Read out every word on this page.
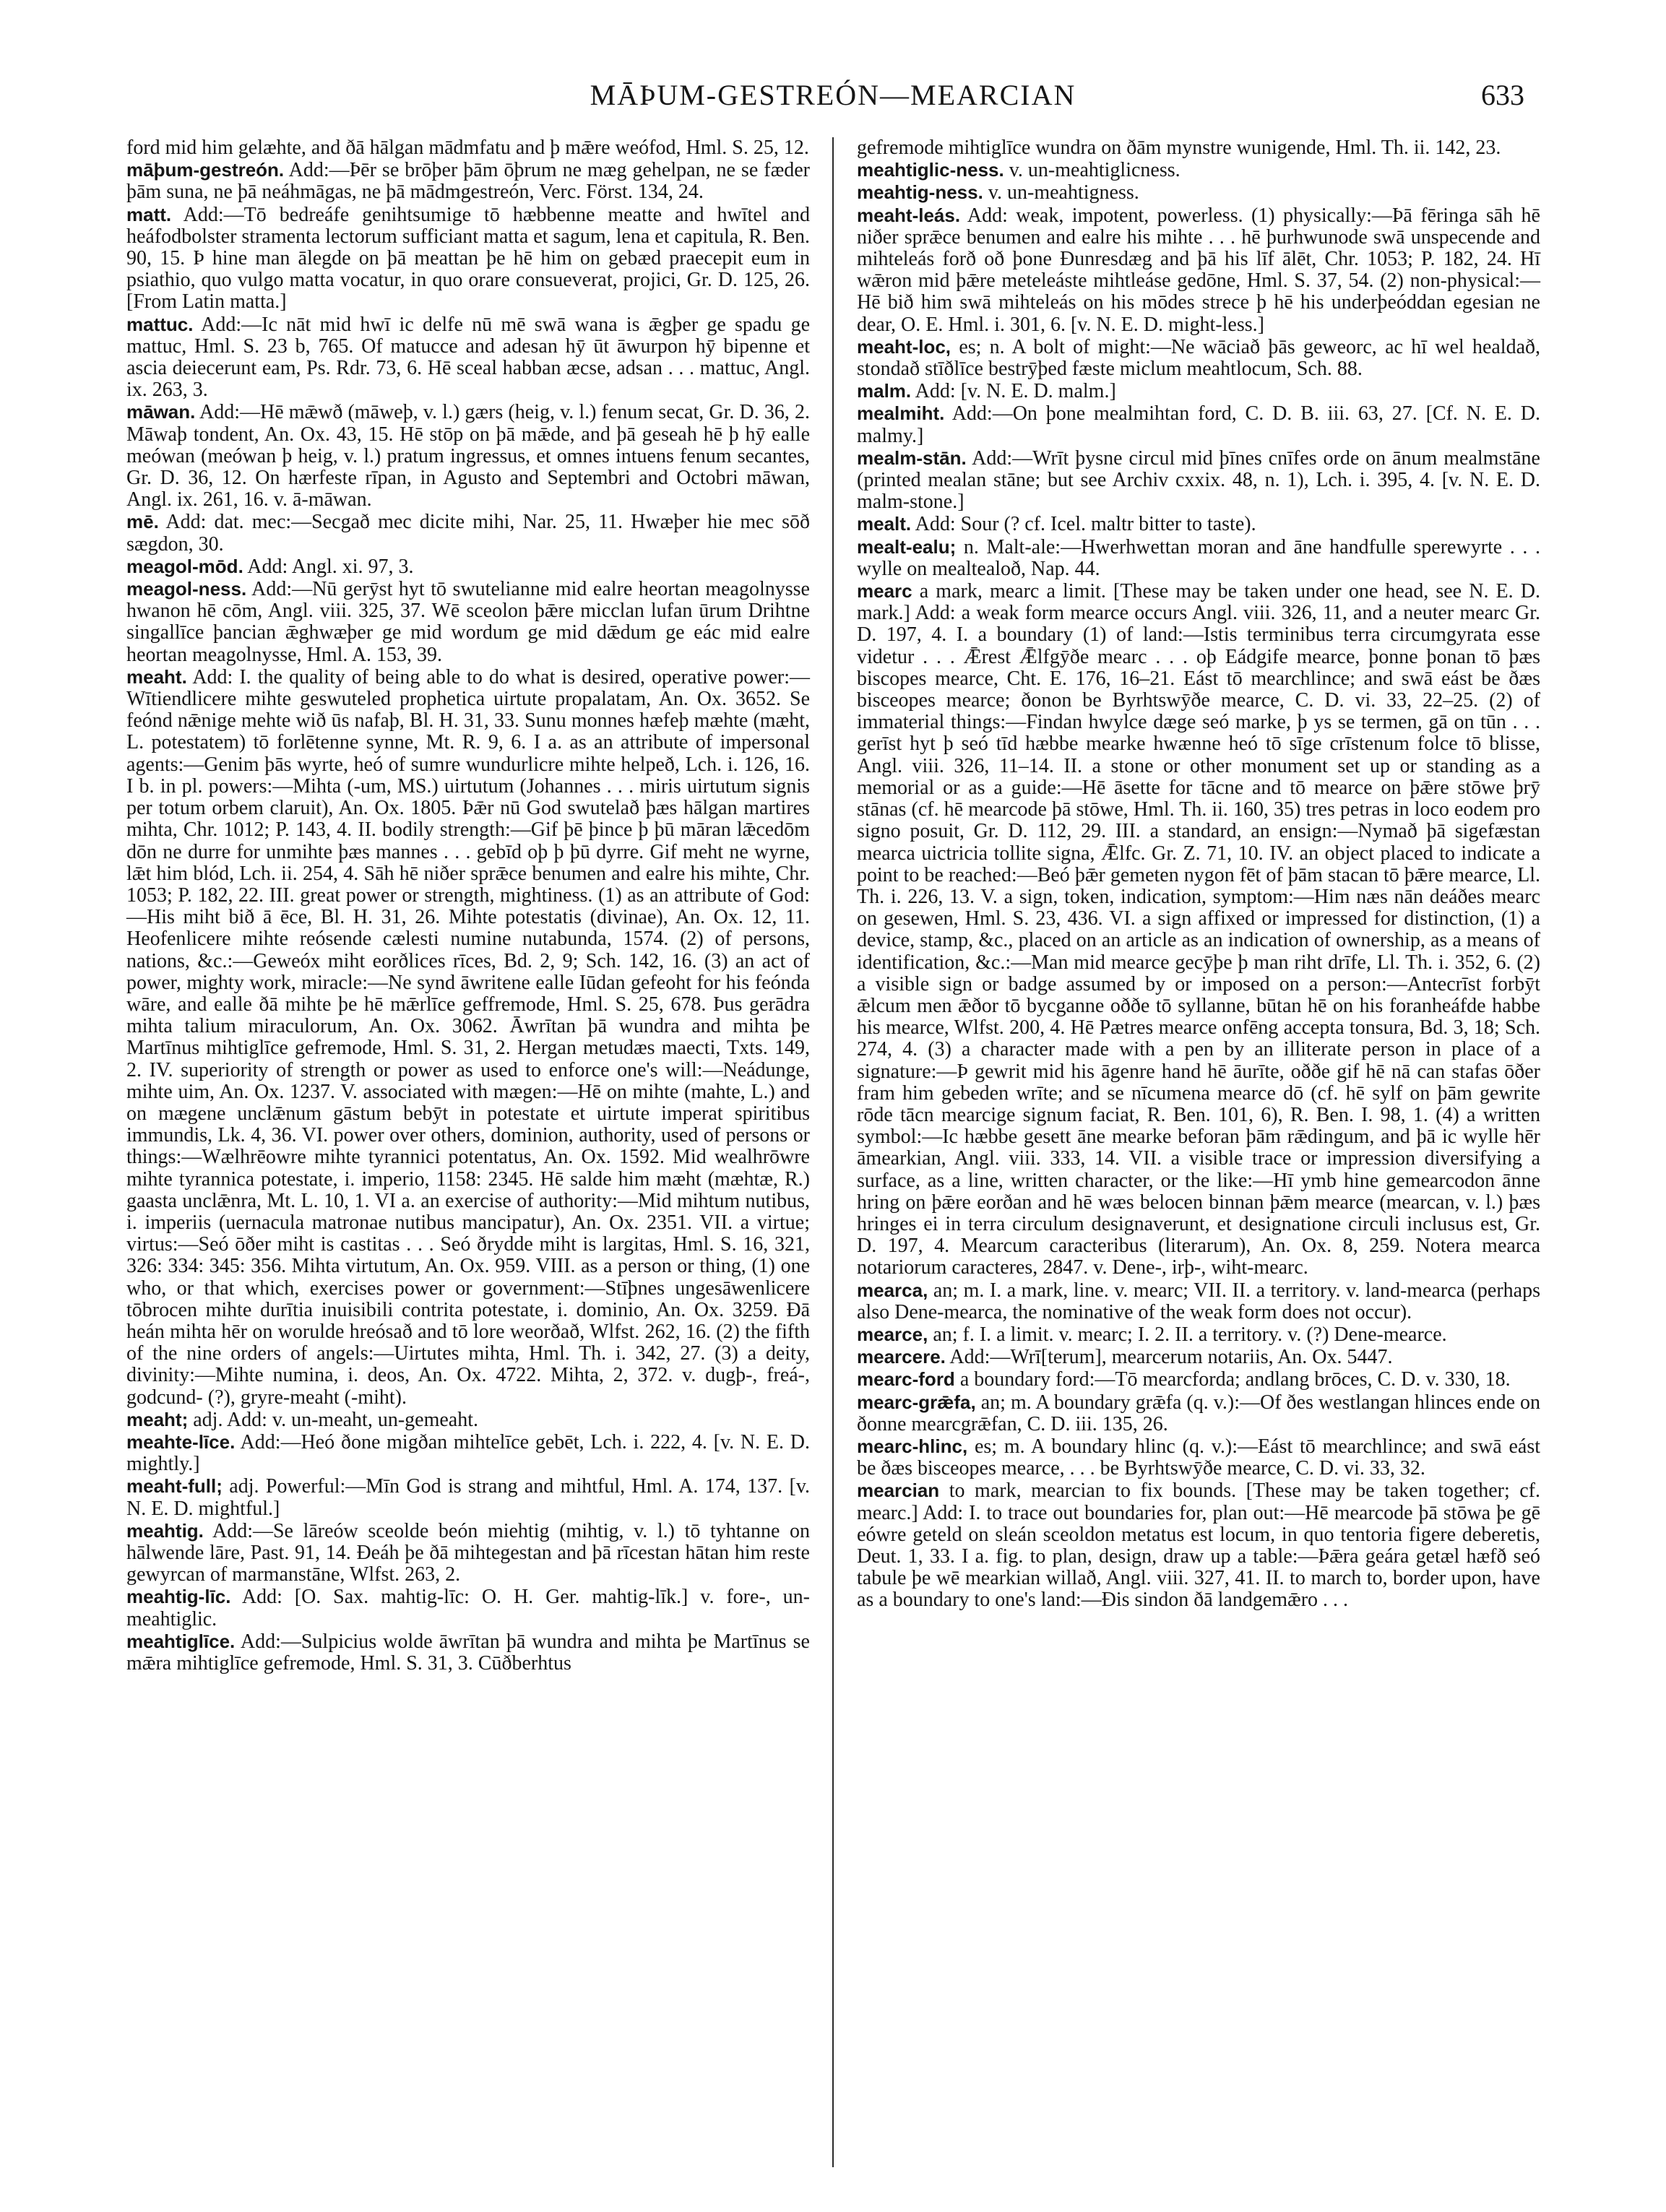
MĀÞUM-GESTREÓN—MEARCIAN	633

ford mid him gelæhte, and ðā hālgan mādmfatu and þ mǣre weófod, Hml. S. 25, 12.

māþum-gestreón. Add:—Þēr se brōþer þām ōþrum ne mæg gehelpan, ne se fæder þām suna, ne þā neáhmāgas, ne þā mādmgestreón, Verc. Först. 134, 24.

matt. Add:—Tō bedreáfe genihtsumige tō hæbbenne meatte and hwītel and heáfodbolster stramenta lectorum sufficiant matta et sagum, lena et capitula, R. Ben. 90, 15. Þ hine man ālegde on þā meattan þe hē him on gebæd praecepit eum in psiathio, quo vulgo matta vocatur, in quo orare consueverat, projici, Gr. D. 125, 26. [From Latin matta.]

mattuc. Add:—Ic nāt mid hwī ic delfe nū mē swā wana is ǣgþer ge spadu ge mattuc, Hml. S. 23 b, 765. Of matucce and adesan hȳ ūt āwurpon hȳ bipenne et ascia deiecerunt eam, Ps. Rdr. 73, 6. Hē sceal habban æcse, adsan . . . mattuc, Angl. ix. 263, 3.

māwan. Add:—Hē mǣwð (māweþ, v. l.) gærs (heig, v. l.) fenum secat, Gr. D. 36, 2. Māwaþ tondent, An. Ox. 43, 15. Hē stōp on þā mǣde, and þā geseah hē þ hȳ ealle meówan (meówan þ heig, v. l.) pratum ingressus, et omnes intuens fenum secantes, Gr. D. 36, 12. On hærfeste rīpan, in Agusto and Septembri and Octobri māwan, Angl. ix. 261, 16. v. ā-māwan.

mē. Add: dat. mec:—Secgað mec dicite mihi, Nar. 25, 11. Hwæþer hie mec sōð sægdon, 30.

meagol-mōd. Add: Angl. xi. 97, 3.

meagol-ness. Add:—Nū gerȳst hyt tō swutelianne mid ealre heortan meagolnysse hwanon hē cōm, Angl. viii. 325, 37. Wē sceolon þǣre micclan lufan ūrum Drihtne singallīce þancian ǣghwæþer ge mid wordum ge mid dǣdum ge eác mid ealre heortan meagolnysse, Hml. A. 153, 39.

meaht. Add: I. the quality of being able to do what is desired, operative power:—Wītiendlicere mihte geswuteled prophetica uirtute propalatam, An. Ox. 3652. Se feónd nǣnige mehte wið ūs nafaþ, Bl. H. 31, 33. Sunu monnes hæfeþ mæhte (mæht, L. potestatem) tō forlētenne synne, Mt. R. 9, 6. I a. as an attribute of impersonal agents:—Genim þās wyrte, heó of sumre wundurlicre mihte helpeð, Lch. i. 126, 16. I b. in pl. powers:—Mihta (-um, MS.) uirtutum (Johannes . . . miris uirtutum signis per totum orbem claruit), An. Ox. 1805. Þǣr nū God swutelað þæs hālgan martires mihta, Chr. 1012; P. 143, 4. II. bodily strength:—Gif þē þince þ þū māran lǣcedōm dōn ne durre for unmihte þæs mannes . . . gebīd oþ þ þū dyrre. Gif meht ne wyrne, lǣt him blód, Lch. ii. 254, 4. Sāh hē niðer sprǣce benumen and ealre his mihte, Chr. 1053; P. 182, 22. III. great power or strength, mightiness. (1) as an attribute of God:—His miht bið ā ēce, Bl. H. 31, 26. Mihte potestatis (divinae), An. Ox. 12, 11. Heofenlicere mihte reósende cælesti numine nutabunda, 1574. (2) of persons, nations, &c.:—Geweóx miht eorðlices rīces, Bd. 2, 9; Sch. 142, 16. (3) an act of power, mighty work, miracle:—Ne synd āwritene ealle Iūdan gefeoht for his feónda wāre, and ealle ðā mihte þe hē mǣrlīce geffremode, Hml. S. 25, 678. Þus gerādra mihta talium miraculorum, An. Ox. 3062. Āwrītan þā wundra and mihta þe Martīnus mihtiglīce gefremode, Hml. S. 31, 2. Hergan metudæs maecti, Txts. 149, 2. IV. superiority of strength or power as used to enforce one's will:—Neádunge, mihte uim, An. Ox. 1237. V. associated with mægen:—Hē on mihte (mahte, L.) and on mægene unclǣnum gāstum bebȳt in potestate et uirtute imperat spiritibus immundis, Lk. 4, 36. VI. power over others, dominion, authority, used of persons or things:—Wælhrēowre mihte tyrannici potentatus, An. Ox. 1592. Mid wealhrōwre mihte tyrannica potestate, i. imperio, 1158: 2345. Hē salde him mæht (mæhtæ, R.) gaasta unclǣnra, Mt. L. 10, 1. VI a. an exercise of authority:—Mid mihtum nutibus, i. imperiis (uernacula matronae nutibus mancipatur), An. Ox. 2351. VII. a virtue; virtus:—Seó ōðer miht is castitas . . . Seó ðrydde miht is largitas, Hml. S. 16, 321, 326: 334: 345: 356. Mihta virtutum, An. Ox. 959. VIII. as a person or thing, (1) one who, or that which, exercises power or government:—Stīþnes ungesāwenlicere tōbrocen mihte durītia inuisibili contrita potestate, i. dominio, An. Ox. 3259. Ðā heán mihta hēr on worulde hreósað and tō lore weorðað, Wlfst. 262, 16. (2) the fifth of the nine orders of angels:—Uirtutes mihta, Hml. Th. i. 342, 27. (3) a deity, divinity:—Mihte numina, i. deos, An. Ox. 4722. Mihta, 2, 372. v. dugþ-, freá-, godcund- (?), gryre-meaht (-miht).

meaht; adj. Add: v. un-meaht, un-gemeaht.

meahte-līce. Add:—Heó ðone migðan mihtelīce gebēt, Lch. i. 222, 4. [v. N. E. D. mightly.]

meaht-full; adj. Powerful:—Mīn God is strang and mihtful, Hml. A. 174, 137. [v. N. E. D. mightful.]

meahtig. Add:—Se lāreów sceolde beón miehtig (mihtig, v. l.) tō tyhtanne on hālwende lāre, Past. 91, 14. Ðeáh þe ðā mihtegestan and þā rīcestan hātan him reste gewyrcan of marmanstāne, Wlfst. 263, 2.

meahtig-līc. Add: [O. Sax. mahtig-līc: O. H. Ger. mahtig-līk.] v. fore-, un-meahtiglic.

meahtiglīce. Add:—Sulpicius wolde āwrītan þā wundra and mihta þe Martīnus se mǣra mihtiglīce gefremode, Hml. S. 31, 3. Cūðberhtus

gefremode mihtiglīce wundra on ðām mynstre wunigende, Hml. Th. ii. 142, 23.

meahtiglic-ness. v. un-meahtiglicness.

meahtig-ness. v. un-meahtigness.

meaht-leás. Add: weak, impotent, powerless. (1) physically:—Þā fēringa sāh hē niðer sprǣce benumen and ealre his mihte . . . hē þurhwunode swā unspecende and mihteleás forð oð þone Ðunresdæg and þā his līf ālēt, Chr. 1053; P. 182, 24. Hī wǣron mid þǣre meteleáste mihtleáse gedōne, Hml. S. 37, 54. (2) non-physical:—Hē bið him swā mihteleás on his mōdes strece þ hē his underþeóddan egesian ne dear, O. E. Hml. i. 301, 6. [v. N. E. D. might-less.]

meaht-loc, es; n. A bolt of might:—Ne wāciað þās geweorc, ac hī wel healdað, stondað stīðlīce bestrȳþed fæste miclum meahtlocum, Sch. 88.

malm. Add: [v. N. E. D. malm.]

mealmiht. Add:—On þone mealmihtan ford, C. D. B. iii. 63, 27. [Cf. N. E. D. malmy.]

mealm-stān. Add:—Wrīt þysne circul mid þīnes cnīfes orde on ānum mealmstāne (printed mealan stāne; but see Archiv cxxix. 48, n. 1), Lch. i. 395, 4. [v. N. E. D. malm-stone.]

mealt. Add: Sour (? cf. Icel. maltr bitter to taste).

mealt-ealu; n. Malt-ale:—Hwerhwettan moran and āne handfulle sperewyrte . . . wylle on mealtealoð, Nap. 44.

mearc a mark, mearc a limit. [These may be taken under one head, see N. E. D. mark.] Add: a weak form mearce occurs Angl. viii. 326, 11, and a neuter mearc Gr. D. 197, 4. I. a boundary (1) of land:—Istis terminibus terra circumgyrata esse videtur . . . Ǣrest Ǣlfgȳðe mearc . . . oþ Eádgife mearce, þonne þonan tō þæs biscopes mearce, Cht. E. 176, 16–21. Eást tō mearchlince; and swā eást be ðæs bisceopes mearce; ðonon be Byrhtswȳðe mearce, C. D. vi. 33, 22–25. (2) of immaterial things:—Findan hwylce dæge seó marke, þ ys se termen, gā on tūn . . . gerīst hyt þ seó tīd hæbbe mearke hwænne heó tō sīge crīstenum folce tō blisse, Angl. viii. 326, 11–14. II. a stone or other monument set up or standing as a memorial or as a guide:—Hē āsette for tācne and tō mearce on þǣre stōwe þrȳ stānas (cf. hē mearcode þā stōwe, Hml. Th. ii. 160, 35) tres petras in loco eodem pro signo posuit, Gr. D. 112, 29. III. a standard, an ensign:—Nymað þā sigefæstan mearca uictricia tollite signa, Ǣlfc. Gr. Z. 71, 10. IV. an object placed to indicate a point to be reached:—Beó þǣr gemeten nygon fēt of þām stacan tō þǣre mearce, Ll. Th. i. 226, 13. V. a sign, token, indication, symptom:—Him næs nān deáðes mearc on gesewen, Hml. S. 23, 436. VI. a sign affixed or impressed for distinction, (1) a device, stamp, &c., placed on an article as an indication of ownership, as a means of identification, &c.:—Man mid mearce gecȳþe þ man riht drīfe, Ll. Th. i. 352, 6. (2) a visible sign or badge assumed by or imposed on a person:—Antecrīst forbȳt ǣlcum men ǣðor tō bycganne oððe tō syllanne, būtan hē on his foranheáfde habbe his mearce, Wlfst. 200, 4. Hē Pætres mearce onfēng accepta tonsura, Bd. 3, 18; Sch. 274, 4. (3) a character made with a pen by an illiterate person in place of a signature:—Þ gewrit mid his āgenre hand hē āurīte, oððe gif hē nā can stafas ōðer fram him gebeden wrīte; and se nīcumena mearce dō (cf. hē sylf on þām gewrite rōde tācn mearcige signum faciat, R. Ben. 101, 6), R. Ben. I. 98, 1. (4) a written symbol:—Ic hæbbe gesett āne mearke beforan þām rǣdingum, and þā ic wylle hēr āmearkian, Angl. viii. 333, 14. VII. a visible trace or impression diversifying a surface, as a line, written character, or the like:—Hī ymb hine gemearcodon ānne hring on þǣre eorðan and hē wæs belocen binnan þǣm mearce (mearcan, v. l.) þæs hringes ei in terra circulum designaverunt, et designatione circuli inclusus est, Gr. D. 197, 4. Mearcum caracteribus (literarum), An. Ox. 8, 259. Notera mearca notariorum caracteres, 2847. v. Dene-, irþ-, wiht-mearc.

mearca, an; m. I. a mark, line. v. mearc; VII. II. a territory. v. land-mearca (perhaps also Dene-mearca, the nominative of the weak form does not occur).

mearce, an; f. I. a limit. v. mearc; I. 2. II. a territory. v. (?) Dene-mearce.

mearcere. Add:—Wrī[terum], mearcerum notariis, An. Ox. 5447.

mearc-ford a boundary ford:—Tō mearcforda; andlang brōces, C. D. v. 330, 18.

mearc-grǣfa, an; m. A boundary grǣfa (q. v.):—Of ðes westlangan hlinces ende on ðonne mearcgrǣfan, C. D. iii. 135, 26.

mearc-hlinc, es; m. A boundary hlinc (q. v.):—Eást tō mearchlince; and swā eást be ðæs bisceopes mearce, . . . be Byrhtswȳðe mearce, C. D. vi. 33, 32.

mearcian to mark, mearcian to fix bounds. [These may be taken together; cf. mearc.] Add: I. to trace out boundaries for, plan out:—Hē mearcode þā stōwa þe gē eówre geteld on sleán sceoldon metatus est locum, in quo tentoria figere deberetis, Deut. 1, 33. I a. fig. to plan, design, draw up a table:—Þǣra geára getæl hæfð seó tabule þe wē mearkian willað, Angl. viii. 327, 41. II. to march to, border upon, have as a boundary to one's land:—Ðis sindon ðā landgemǣro . . .
